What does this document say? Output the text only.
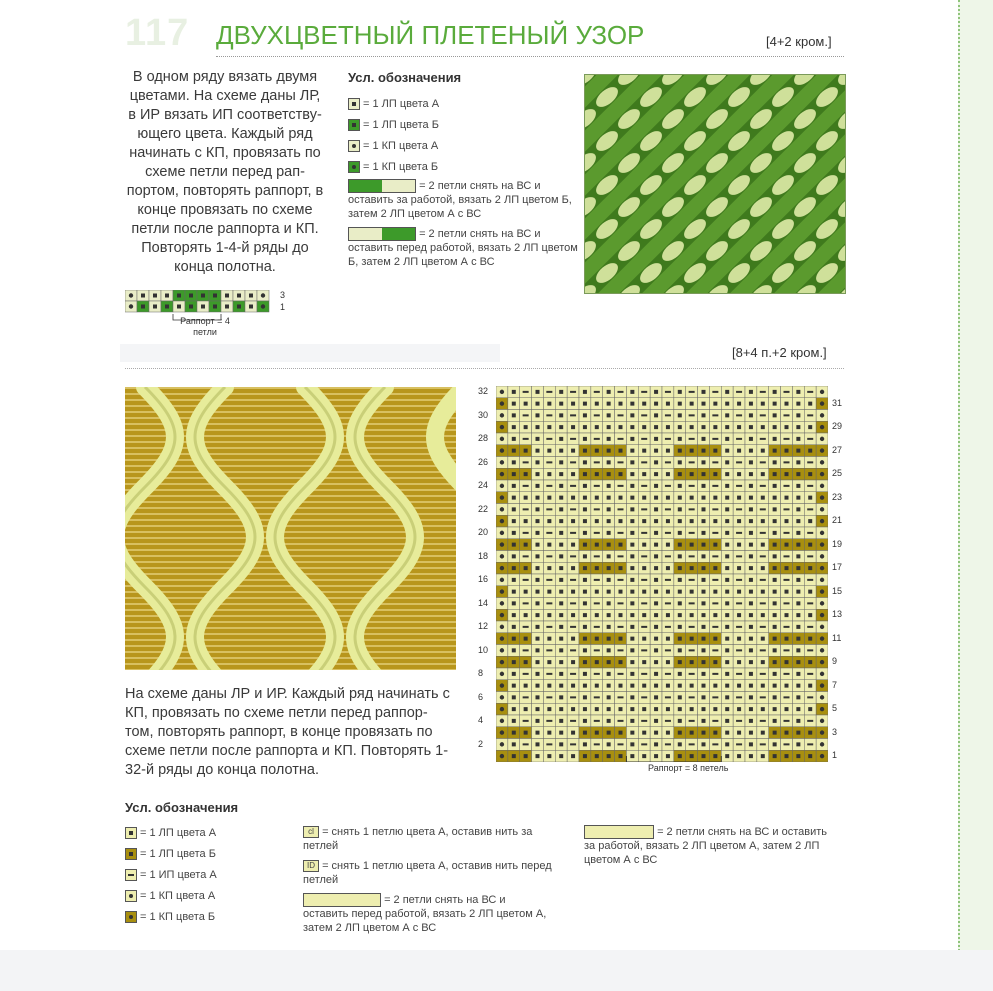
117 ДВУХЦВЕТНЫЙ ПЛЕТЕНЫЙ УЗОР	[4+2 кром.]
В одном ряду вязать двумя цветами. На схеме даны ЛР, в ИР вязать ИП соответству-ющего цвета. Каждый ряд начинать с КП, провязать по схеме петли перед рап-портом, повторять раппорт, в конце провязать по схеме петли после раппорта и КП. Повторять 1-4-й ряды до конца полотна.
Усл. обозначения
= 1 ЛП цвета А
= 1 ЛП цвета Б
= 1 КП цвета А
= 1 КП цвета Б
= 2 петли снять на ВС и оставить за работой, вязать 2 ЛП цветом Б, затем 2 ЛП цветом А с ВС
= 2 петли снять на ВС и оставить перед работой, вязать 2 ЛП цветом Б, затем 2 ЛП цветом А с ВС
3
1
Раппорт = 4 петли
[8+4 п.+2 кром.]
На схеме даны ЛР и ИР. Каждый ряд начинать с КП, провязать по схеме петли перед раппор-том, повторять раппорт, в конце провязать по схеме петли после раппорта и КП. Повторять 1-32-й ряды до конца полотна.
32
30
28
26
24
22
20
18
16
14
12
10
8
6
4
2
31
29
27
25
23
21
19
17
15
13
11
9
7
5
3
1
Раппорт = 8 петель
Усл. обозначения
= 1 ЛП цвета А
= 1 ЛП цвета Б
= 1 ИП цвета А
= 1 КП цвета А
= 1 КП цвета Б
cl = снять 1 петлю цвета А, оставив нить за петлей
ID = снять 1 петлю цвета А, оставив нить перед петлей
= 2 петли снять на ВС и оставить перед работой, вязать 2 ЛП цветом А, затем 2 ЛП цветом А с ВС
= 2 петли снять на ВС и оставить за работой, вязать 2 ЛП цветом А, затем 2 ЛП цветом А с ВС
